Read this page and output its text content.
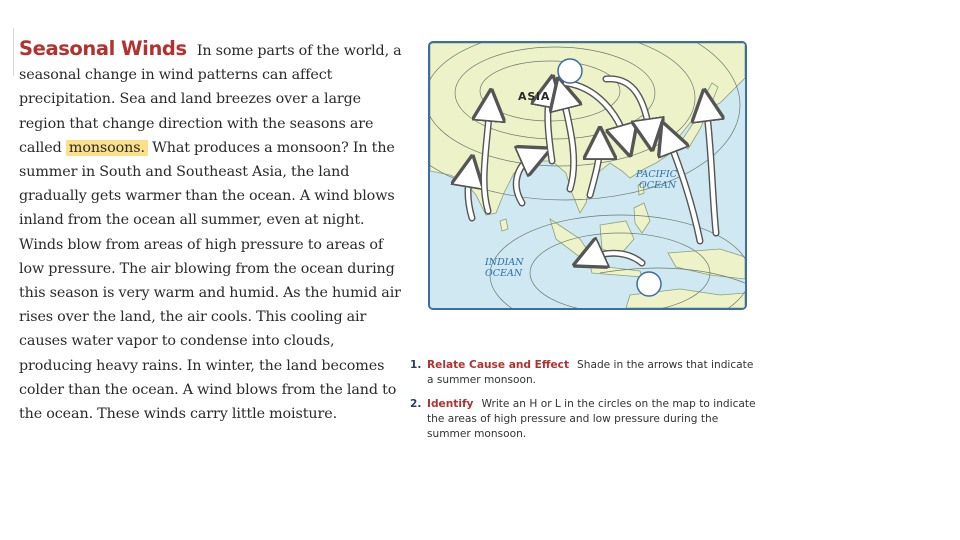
Seasonal Winds In some parts of the world, a seasonal change in wind patterns can affect precipitation. Sea and land breezes over a large region that change direction with the seasons are called monsoons. What produces a monsoon? In the summer in South and Southeast Asia, the land gradually gets warmer than the ocean. A wind blows inland from the ocean all summer, even at night. Winds blow from areas of high pressure to areas of low pressure. The air blowing from the ocean during this season is very warm and humid. As the humid air rises over the land, the air cools. This cooling air causes water vapor to condense into clouds, producing heavy rains. In winter, the land becomes colder than the ocean. A wind blows from the land to the ocean. These winds carry little moisture.
ASIA
PACIFIC OCEAN
INDIAN OCEAN
1. Relate Cause and Effect Shade in the arrows that indicate a summer monsoon.
2. Identify Write an H or L in the circles on the map to indicate the areas of high pressure and low pressure during the summer monsoon.
